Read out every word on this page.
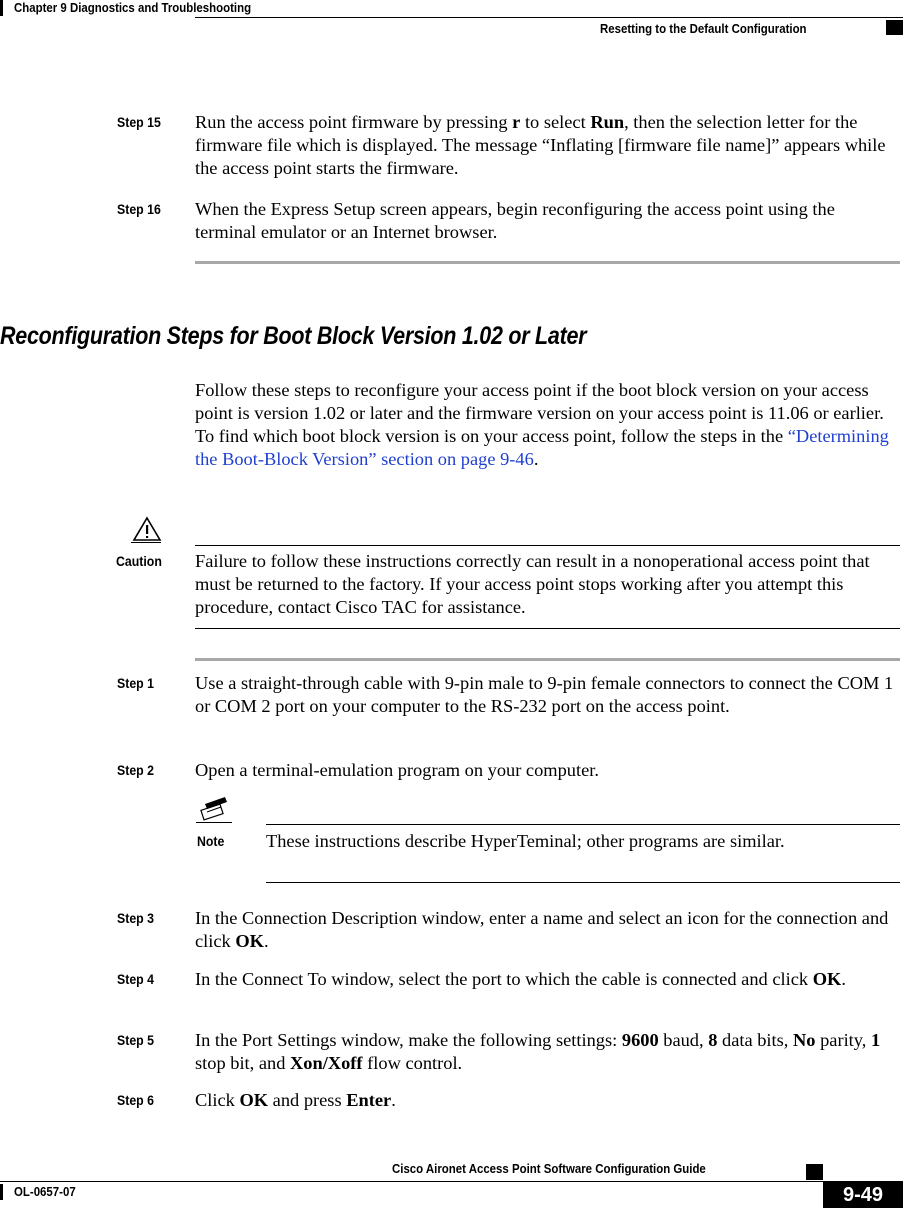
Chapter 9 Diagnostics and Troubleshooting
Resetting to the Default Configuration
Step 15 Run the access point firmware by pressing r to select Run, then the selection letter for the firmware file which is displayed. The message “Inflating [firmware file name]” appears while the access point starts the firmware.
Step 16 When the Express Setup screen appears, begin reconfiguring the access point using the terminal emulator or an Internet browser.
Reconfiguration Steps for Boot Block Version 1.02 or Later
Follow these steps to reconfigure your access point if the boot block version on your access point is version 1.02 or later and the firmware version on your access point is 11.06 or earlier. To find which boot block version is on your access point, follow the steps in the “Determining the Boot-Block Version” section on page 9-46.
Caution Failure to follow these instructions correctly can result in a nonoperational access point that must be returned to the factory. If your access point stops working after you attempt this procedure, contact Cisco TAC for assistance.
Step 1 Use a straight-through cable with 9-pin male to 9-pin female connectors to connect the COM 1 or COM 2 port on your computer to the RS-232 port on the access point.
Step 2 Open a terminal-emulation program on your computer.
Note These instructions describe HyperTeminal; other programs are similar.
Step 3 In the Connection Description window, enter a name and select an icon for the connection and click OK.
Step 4 In the Connect To window, select the port to which the cable is connected and click OK.
Step 5 In the Port Settings window, make the following settings: 9600 baud, 8 data bits, No parity, 1 stop bit, and Xon/Xoff flow control.
Step 6 Click OK and press Enter.
Cisco Aironet Access Point Software Configuration Guide
OL-0657-07	9-49
